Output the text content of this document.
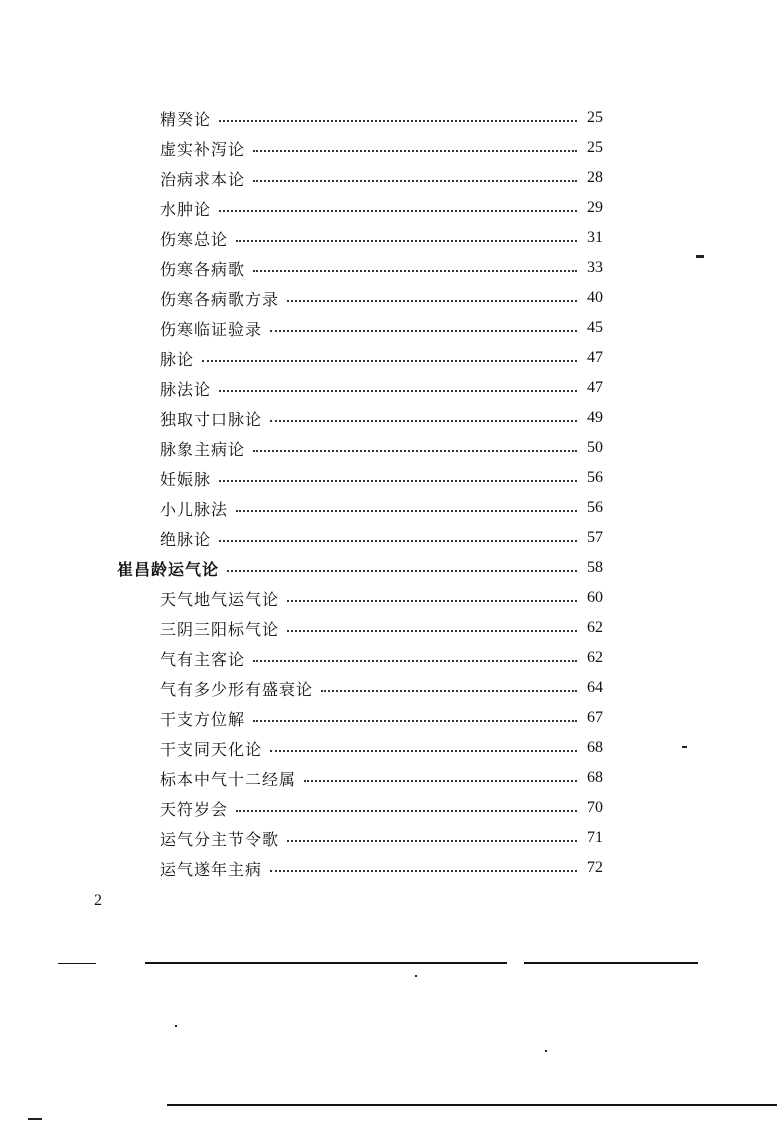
精癸论	25
虚实补泻论	25
治病求本论	28
水肿论	29
伤寒总论	31
伤寒各病歌	33
伤寒各病歌方录	40
伤寒临证验录	45
脉论	47
脉法论	47
独取寸口脉论	49
脉象主病论	50
妊娠脉	56
小儿脉法	56
绝脉论	57
崔昌龄运气论	58
天气地气运气论	60
三阴三阳标气论	62
气有主客论	62
气有多少形有盛衰论	64
干支方位解	67
干支同天化论	68
标本中气十二经属	68
天符岁会	70
运气分主节令歌	71
运气遂年主病	72
2
